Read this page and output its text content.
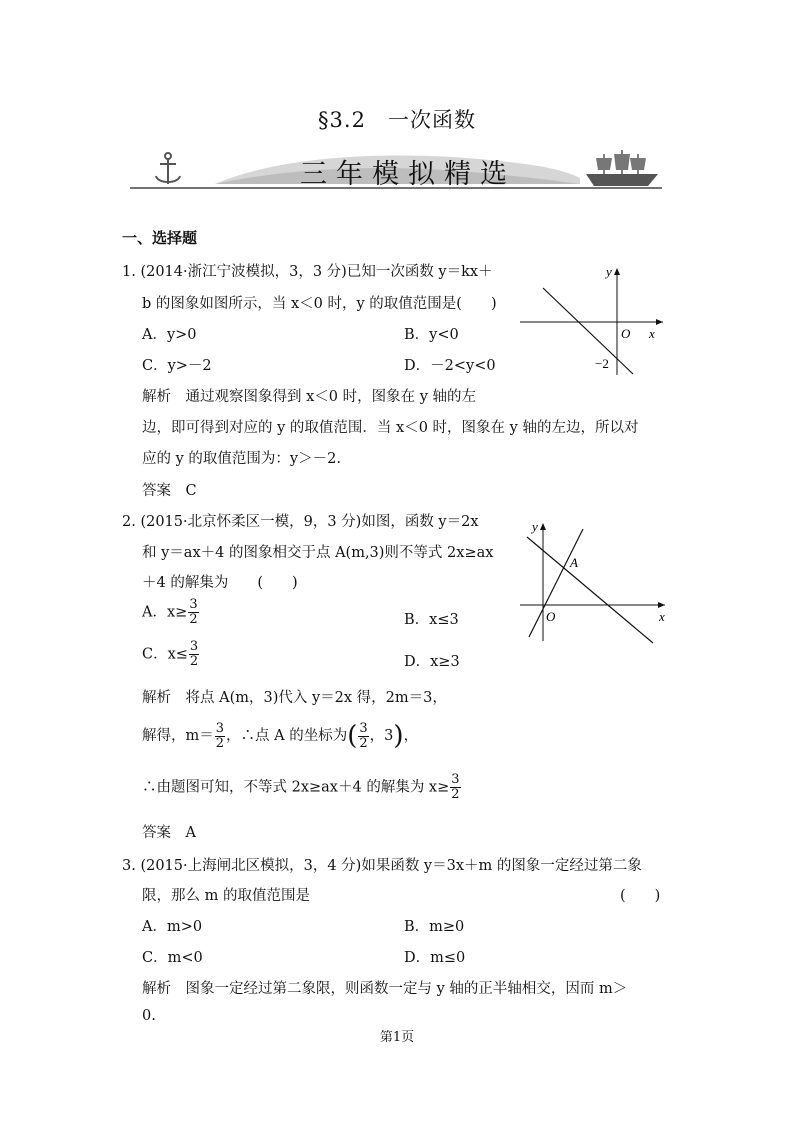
§3.2　一次函数
三年模拟精选
一、选择题
1. (2014·浙江宁波模拟，3，3 分)已知一次函数 y＝kx＋
b 的图象如图所示，当 x＜0 时，y 的取值范围是(　　)
A．y>0	B．y<0
C．y>－2	D．－2<y<0
解析　通过观察图象得到 x＜0 时，图象在 y 轴的左
边，即可得到对应的 y 的取值范围．当 x＜0 时，图象在 y 轴的左边，所以对
应的 y 的取值范围为：y＞－2.
答案　C
y
x
O
−2
2. (2015·北京怀柔区一模，9，3 分)如图，函数 y＝2x
和 y＝ax＋4 的图象相交于点 A(m,3)则不等式 2x≥ax
＋4 的解集为　　(　　)
A．$x\ge \frac{3}{2}$	B．x≤3
C．$x\le \frac{3}{2}$	D．x≥3
解析　将点 A(m，3)代入 y＝2x 得，2m＝3，
解得，$m= \frac{3}{2}$ ，∴点 A 的坐标为( $\frac{3}{2}$ ，3)，
∴由题图可知，不等式 2x≥ax＋4 的解集为 $x\ge \frac{3}{2}$
答案　A
y
x
O
A
3. (2015·上海闸北区模拟，3，4 分)如果函数 y＝3x＋m 的图象一定经过第二象
限，那么 m 的取值范围是	(　　)
A．m>0	B．m≥0
C．m<0	D．m≤0
解析　图象一定经过第二象限，则函数一定与 y 轴的正半轴相交，因而 m＞
0.
第1页
